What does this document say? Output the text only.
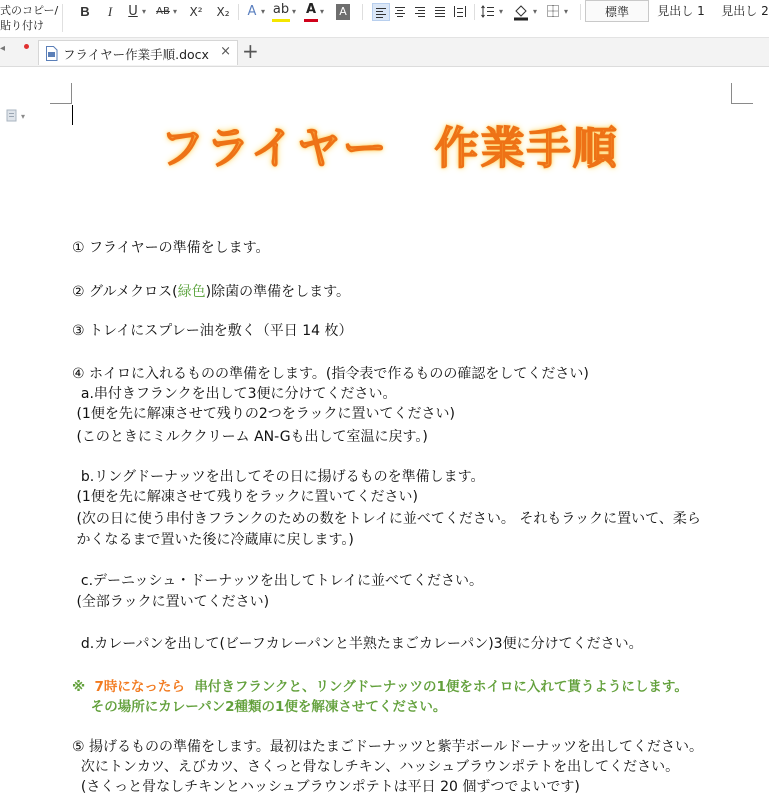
式のコピー/
貼り付け
B I U ▾ AB ▾ X² X₂ A ▾ ab ▾ A ▾ A	▾	▾	▾	標準	見出し 1	見出し 2
◂	フライヤー作業手順.docx × +
▾
フライヤー　作業手順
① フライヤーの準備をします。
② グルメクロス(緑色)除菌の準備をします。
③ トレイにスプレー油を敷く（平日 14 枚）
④ ホイロに入れるものの準備をします。(指令表で作るものの確認をしてください)
a.串付きフランクを出して3便に分けてください。
(1便を先に解凍させて残りの2つをラックに置いてください)
(このときにミルククリーム AN-Gも出して室温に戻す。)
b.リングドーナッツを出してその日に揚げるものを準備します。
(1便を先に解凍させて残りをラックに置いてください)
(次の日に使う串付きフランクのための数をトレイに並べてください。 それもラックに置いて、柔ら
かくなるまで置いた後に冷蔵庫に戻します。)
c.デーニッシュ・ドーナッツを出してトレイに並べてください。
(全部ラックに置いてください)
d.カレーパンを出して(ビーフカレーパンと半熟たまごカレーパン)3便に分けてください。
※  7時になったら  串付きフランクと、リングドーナッツの1便をホイロに入れて貰うようにします。
その場所にカレーパン2種類の1便を解凍させてください。
⑤ 揚げるものの準備をします。最初はたまごドーナッツと紫芋ボールドーナッツを出してください。
次にトンカツ、えびカツ、さくっと骨なしチキン、ハッシュブラウンポテトを出してください。
(さくっと骨なしチキンとハッシュブラウンポテトは平日 20 個ずつでよいです)
